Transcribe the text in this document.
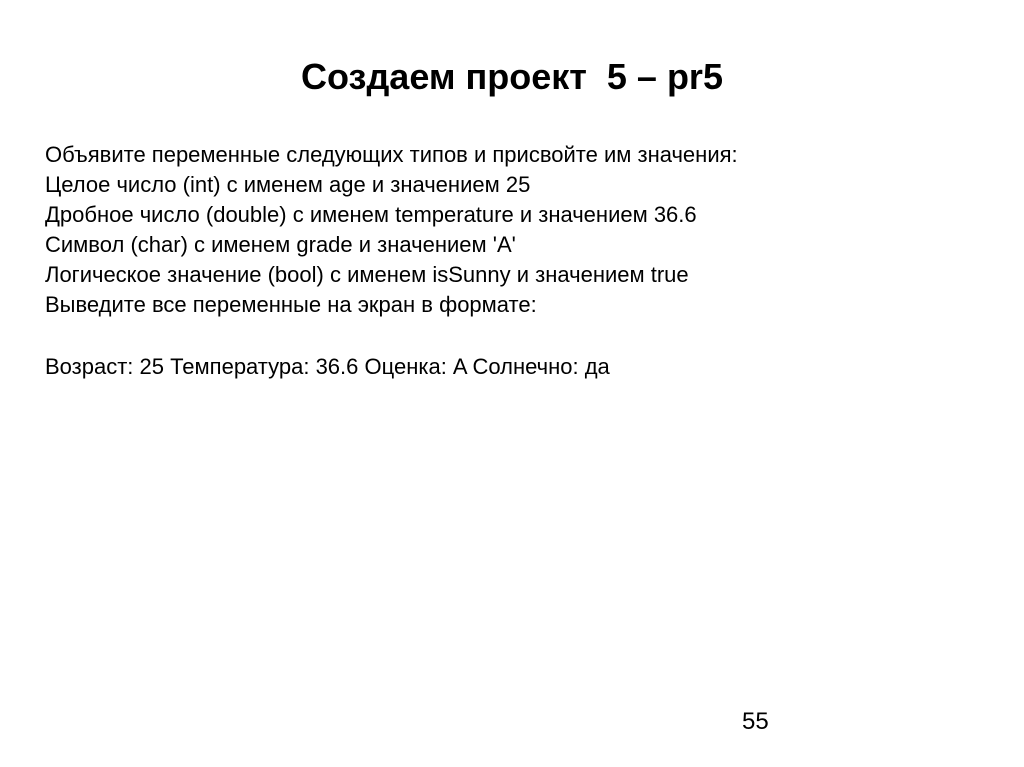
Создаем проект  5 – pr5
Объявите переменные следующих типов и присвойте им значения:
Целое число (int) с именем age и значением 25
Дробное число (double) с именем temperature и значением 36.6
Символ (char) с именем grade и значением 'A'
Логическое значение (bool) с именем isSunny и значением true
Выведите все переменные на экран в формате:
Возраст: 25 Температура: 36.6 Оценка: A Солнечно: да
55
